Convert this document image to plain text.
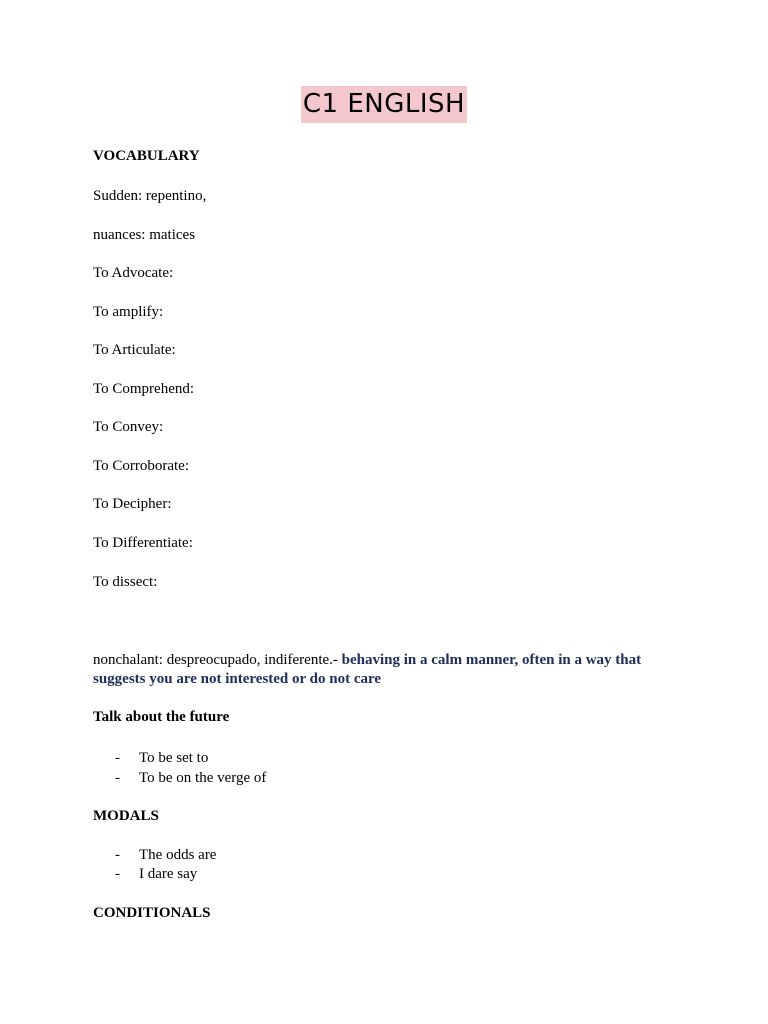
C1 ENGLISH
VOCABULARY
Sudden: repentino,
nuances: matices
To Advocate:
To amplify:
To Articulate:
To Comprehend:
To Convey:
To Corroborate:
To Decipher:
To Differentiate:
To dissect:
nonchalant: despreocupado, indiferente.- behaving in a calm manner, often in a way that suggests you are not interested or do not care
Talk about the future
- To be set to
- To be on the verge of
MODALS
- The odds are
- I dare say
CONDITIONALS
